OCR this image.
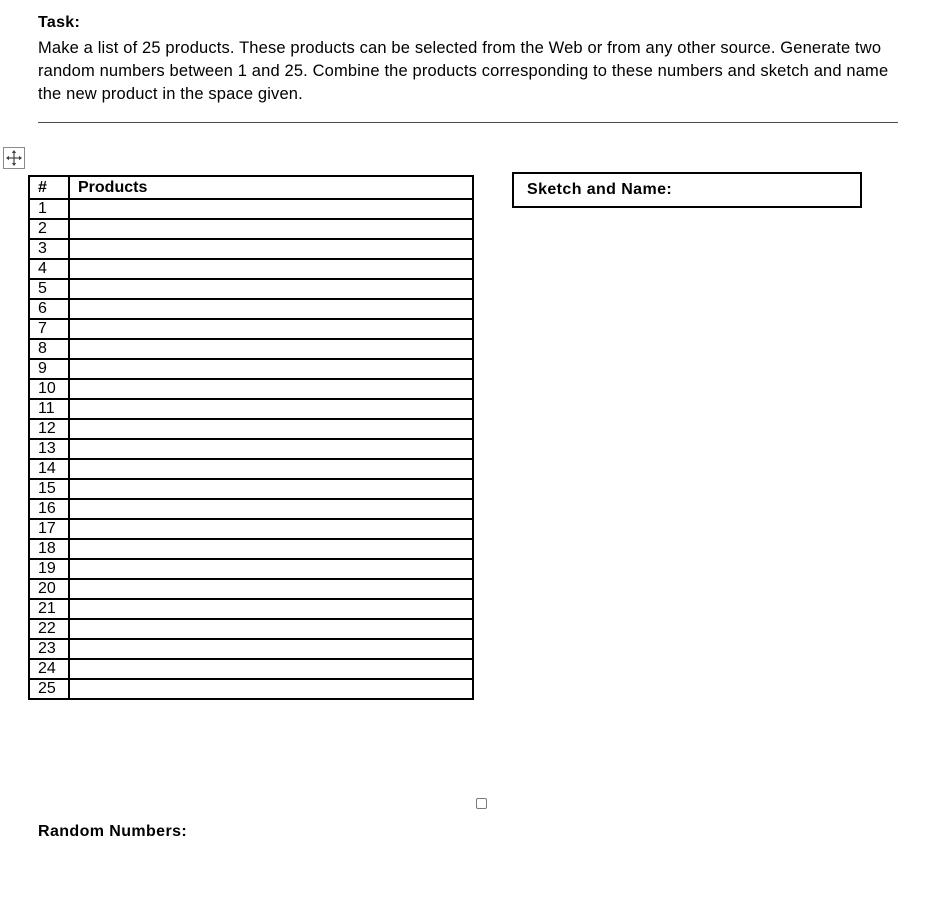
Task:
Make a list of 25 products. These products can be selected from the Web or from any other source. Generate two random numbers between 1 and 25. Combine the products corresponding to these numbers and sketch and name the new product in the space given.
#	Products
1	
2	
3	
4	
5	
6	
7	
8	
9	
10	
11	
12	
13	
14	
15	
16	
17	
18	
19	
20	
21	
22	
23	
24	
25	
Sketch and Name:
Random Numbers:
